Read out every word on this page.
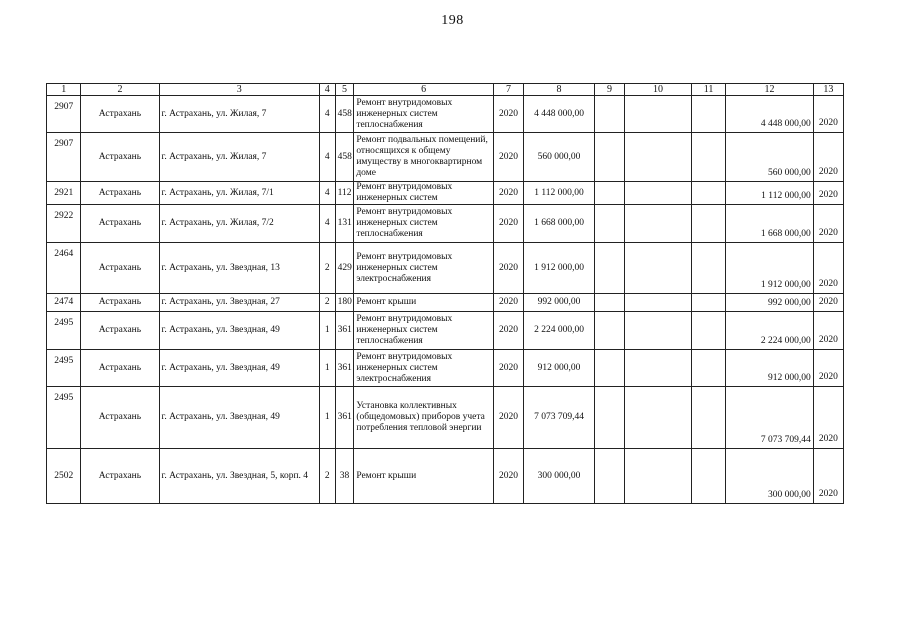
198
1	2	3	4	5	6	7	8	9	10	11	12	13
2907	Астрахань	г. Астрахань, ул. Жилая, 7	4	458	Ремонт внутридомовых инженерных систем теплоснабжения	2020	4 448 000,00				4 448 000,00	2020
2907	Астрахань	г. Астрахань, ул. Жилая, 7	4	458	Ремонт подвальных помещений, относящихся к общему имуществу в многоквартирном доме	2020	560 000,00				560 000,00	2020
2921	Астрахань	г. Астрахань, ул. Жилая, 7/1	4	112	Ремонт внутридомовых инженерных систем	2020	1 112 000,00				1 112 000,00	2020
2922	Астрахань	г. Астрахань, ул. Жилая, 7/2	4	131	Ремонт внутридомовых инженерных систем теплоснабжения	2020	1 668 000,00				1 668 000,00	2020
2464	Астрахань	г. Астрахань, ул. Звездная, 13	2	429	Ремонт внутридомовых инженерных систем электроснабжения	2020	1 912 000,00				1 912 000,00	2020
2474	Астрахань	г. Астрахань, ул. Звездная, 27	2	180	Ремонт крыши	2020	992 000,00				992 000,00	2020
2495	Астрахань	г. Астрахань, ул. Звездная, 49	1	361	Ремонт внутридомовых инженерных систем теплоснабжения	2020	2 224 000,00				2 224 000,00	2020
2495	Астрахань	г. Астрахань, ул. Звездная, 49	1	361	Ремонт внутридомовых инженерных систем электроснабжения	2020	912 000,00				912 000,00	2020
2495	Астрахань	г. Астрахань, ул. Звездная, 49	1	361	Установка коллективных (общедомовых) приборов учета потребления тепловой энергии	2020	7 073 709,44				7 073 709,44	2020
2502	Астрахань	г. Астрахань, ул. Звездная, 5, корп. 4	2	38	Ремонт крыши	2020	300 000,00				300 000,00	2020
